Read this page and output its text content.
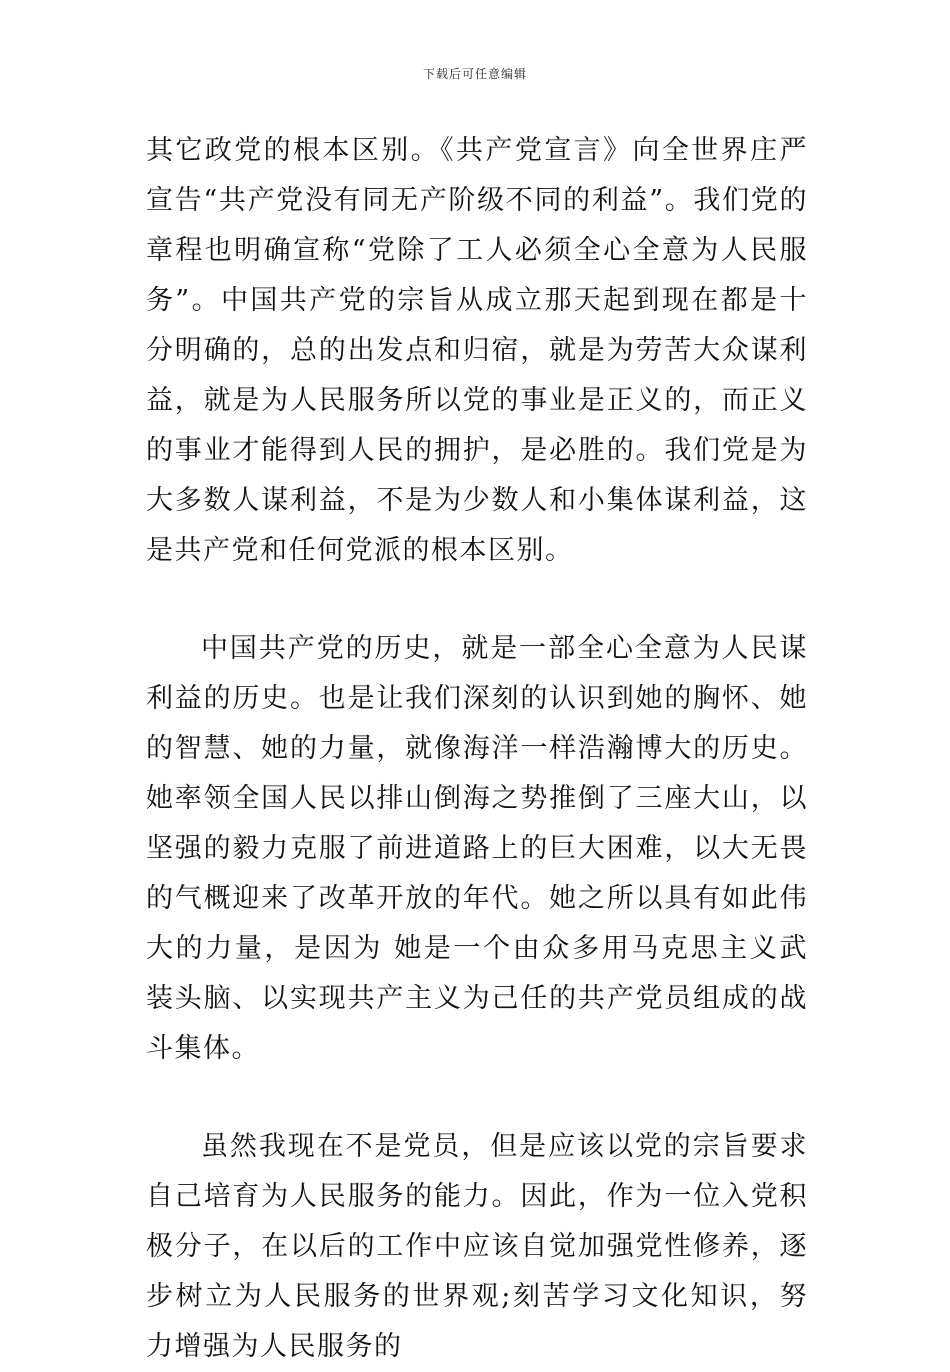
下载后可任意编辑

其它政党的根本区别。《共产党宣言》向全世界庄严宣告“共产党没有同无产阶级不同的利益”。我们党的章程也明确宣称“党除了工人必须全心全意为人民服务”。中国共产党的宗旨从成立那天起到现在都是十分明确的，总的出发点和归宿，就是为劳苦大众谋利益，就是为人民服务所以党的事业是正义的，而正义的事业才能得到人民的拥护，是必胜的。我们党是为大多数人谋利益，不是为少数人和小集体谋利益，这是共产党和任何党派的根本区别。

中国共产党的历史，就是一部全心全意为人民谋利益的历史。也是让我们深刻的认识到她的胸怀、她的智慧、她的力量，就像海洋一样浩瀚博大的历史。她率领全国人民以排山倒海之势推倒了三座大山，以坚强的毅力克服了前进道路上的巨大困难，以大无畏的气概迎来了改革开放的年代。她之所以具有如此伟大的力量，是因为 她是一个由众多用马克思主义武装头脑、以实现共产主义为己任的共产党员组成的战斗集体。

虽然我现在不是党员，但是应该以党的宗旨要求自己培育为人民服务的能力。因此，作为一位入党积极分子，在以后的工作中应该自觉加强党性修养，逐步树立为人民服务的世界观;刻苦学习文化知识，努力增强为人民服务的
